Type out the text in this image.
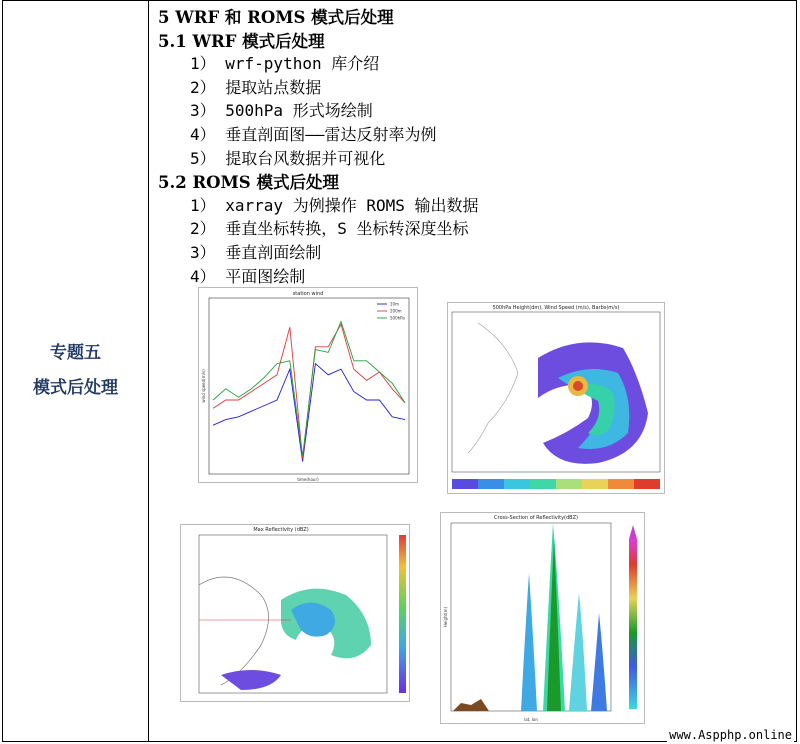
专题五
模式后处理
5 WRF 和 ROMS 模式后处理
5.1 WRF 模式后处理
1） wrf-python 库介绍
2） 提取站点数据
3） 500hPa 形式场绘制
4） 垂直剖面图——雷达反射率为例
5） 提取台风数据并可视化
5.2 ROMS 模式后处理
1） xarray 为例操作 ROMS 输出数据
2） 垂直坐标转换，S 坐标转深度坐标
3） 垂直剖面绘制
4） 平面图绘制
station wind
time(hour)
wind speed(m/s)
10m
200m
500hPa
500hPa Height(dm), Wind Speed (m/s), Barbs(m/s)
Max Reflectivity (dBZ)
Cross-Section of Reflectivity(dBZ)
lat, lon
Height(m)
www.Aspphp.online
